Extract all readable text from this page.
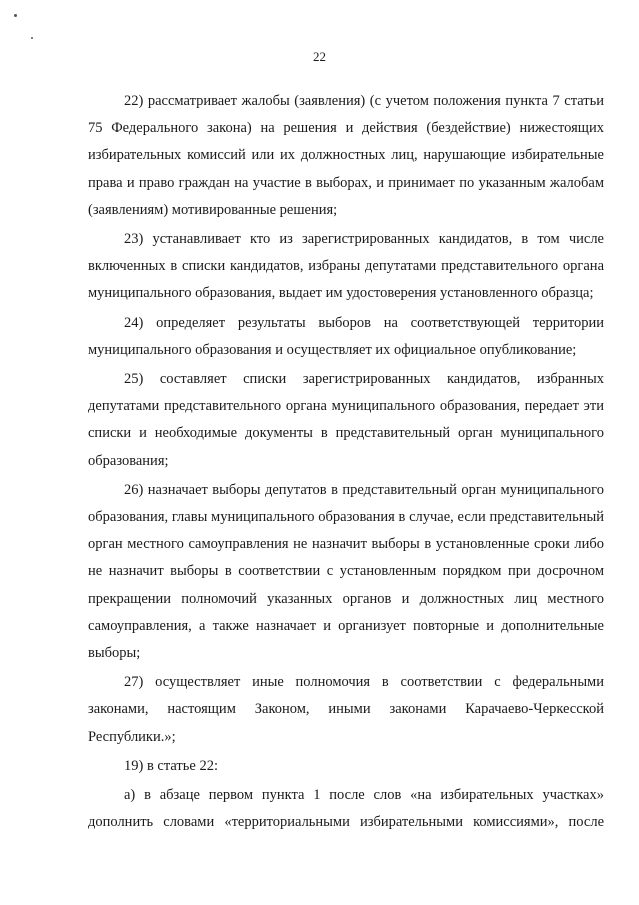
22

22) рассматривает жалобы (заявления) (с учетом положения пункта 7 статьи 75 Федерального закона) на решения и действия (бездействие) нижестоящих избирательных комиссий или их должностных лиц, нарушающие избирательные права и право граждан на участие в выборах, и принимает по указанным жалобам (заявлениям) мотивированные решения;

23) устанавливает кто из зарегистрированных кандидатов, в том числе включенных в списки кандидатов, избраны депутатами представительного органа муниципального образования, выдает им удостоверения установленного образца;

24) определяет результаты выборов на соответствующей территории муниципального образования и осуществляет их официальное опубликование;

25) составляет списки зарегистрированных кандидатов, избранных депутатами представительного органа муниципального образования, передает эти списки и необходимые документы в представительный орган муниципального образования;

26) назначает выборы депутатов в представительный орган муниципального образования, главы муниципального образования в случае, если представительный орган местного самоуправления не назначит выборы в установленные сроки либо не назначит выборы в соответствии с установленным порядком при досрочном прекращении полномочий указанных органов и должностных лиц местного самоуправления, а также назначает и организует повторные и дополнительные выборы;

27) осуществляет иные полномочия в соответствии с федеральными законами, настоящим Законом, иными законами Карачаево-Черкесской Республики.»;

19) в статье 22:

а) в абзаце первом пункта 1 после слов «на избирательных участках» дополнить словами «территориальными избирательными комиссиями», после
